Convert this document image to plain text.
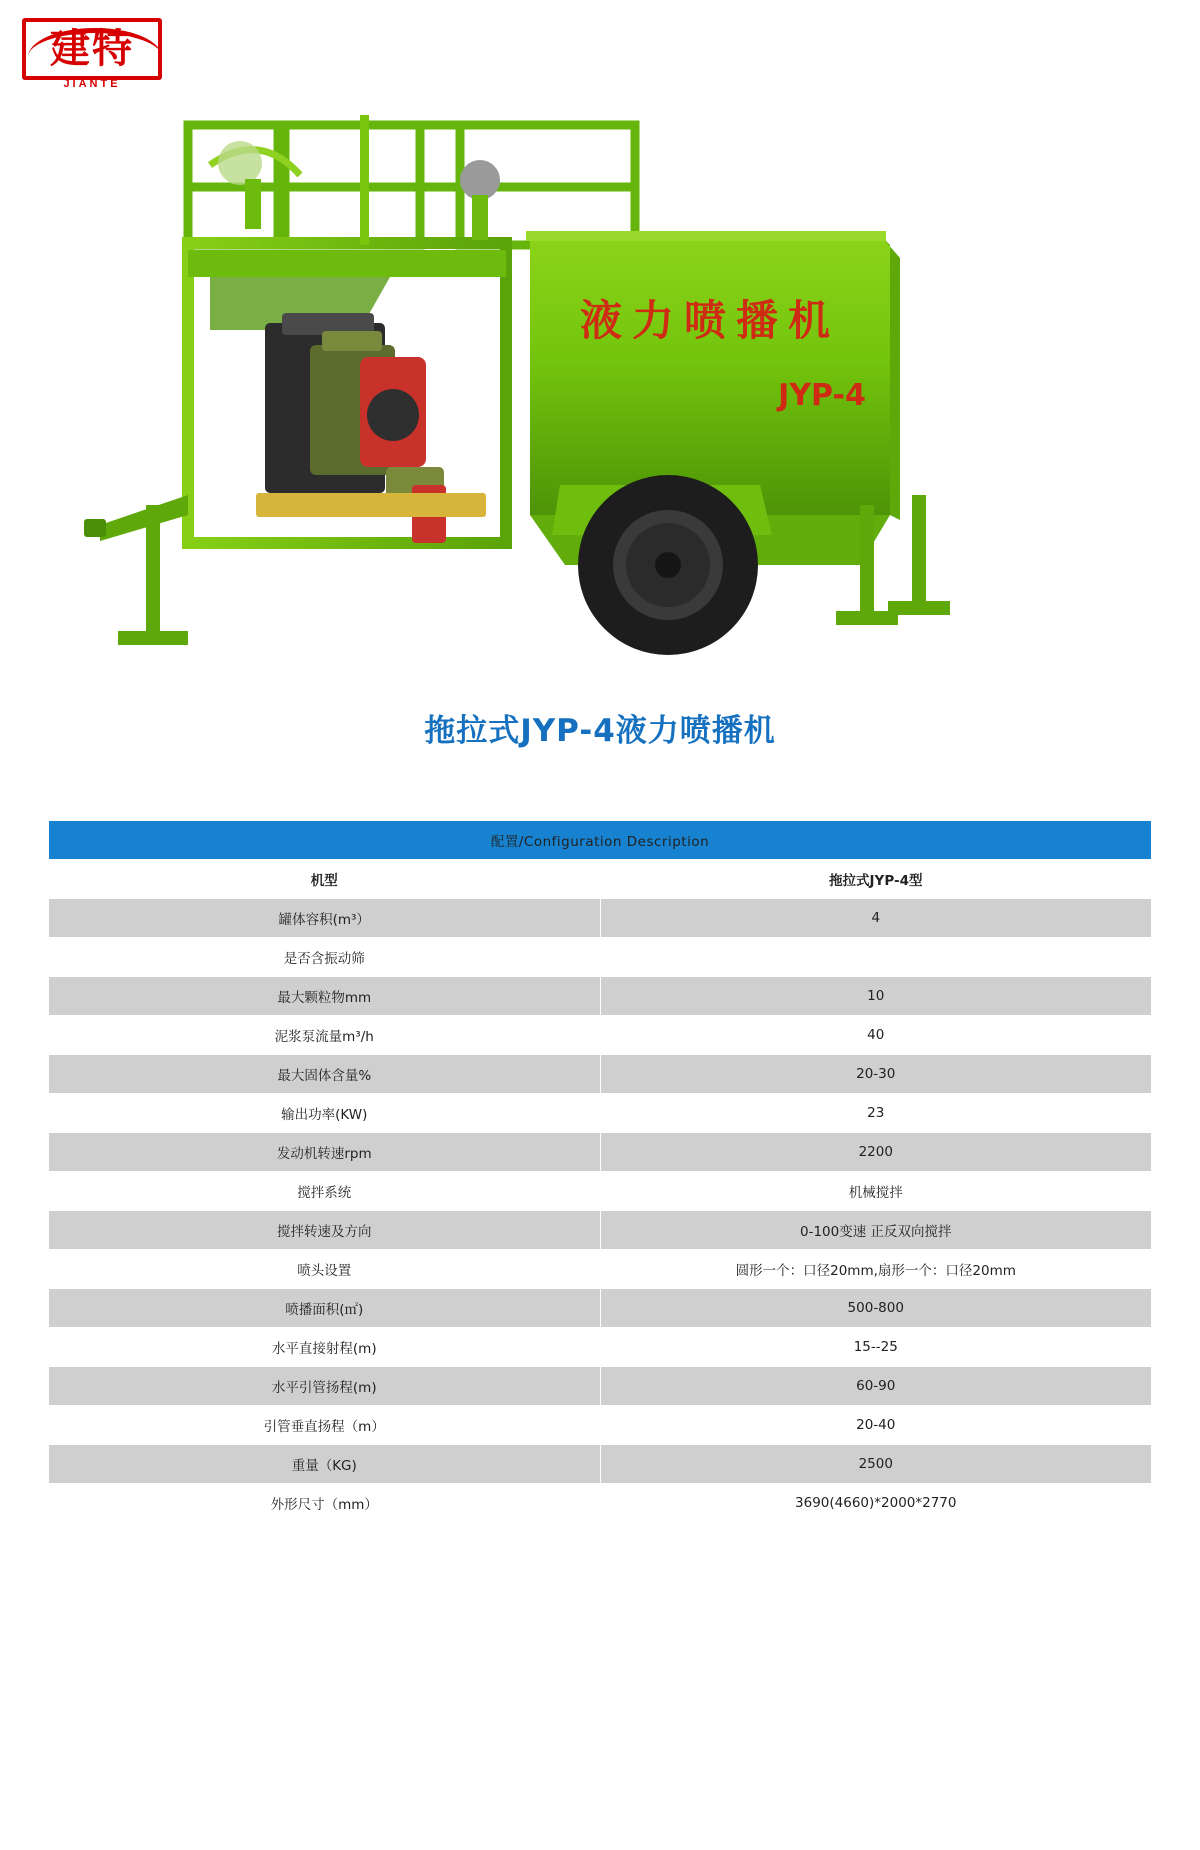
建特
JIANTE
液力喷播机
JYP-4
拖拉式JYP-4液力喷播机
配置/Configuration Description	
机型	拖拉式JYP-4型
罐体容积(m³）	4
是否含振动筛	
最大颗粒物mm	10
泥浆泵流量m³/h	40
最大固体含量%	20-30
输出功率(KW)	23
发动机转速rpm	2200
搅拌系统	机械搅拌
搅拌转速及方向	0-100变速 正反双向搅拌
喷头设置	圆形一个：口径20mm,扇形一个：口径20mm
喷播面积(㎡)	500-800
水平直接射程(m)	15--25
水平引管扬程(m)	60-90
引管垂直扬程（m）	20-40
重量（KG)	2500
外形尺寸（mm）	3690(4660)*2000*2770
